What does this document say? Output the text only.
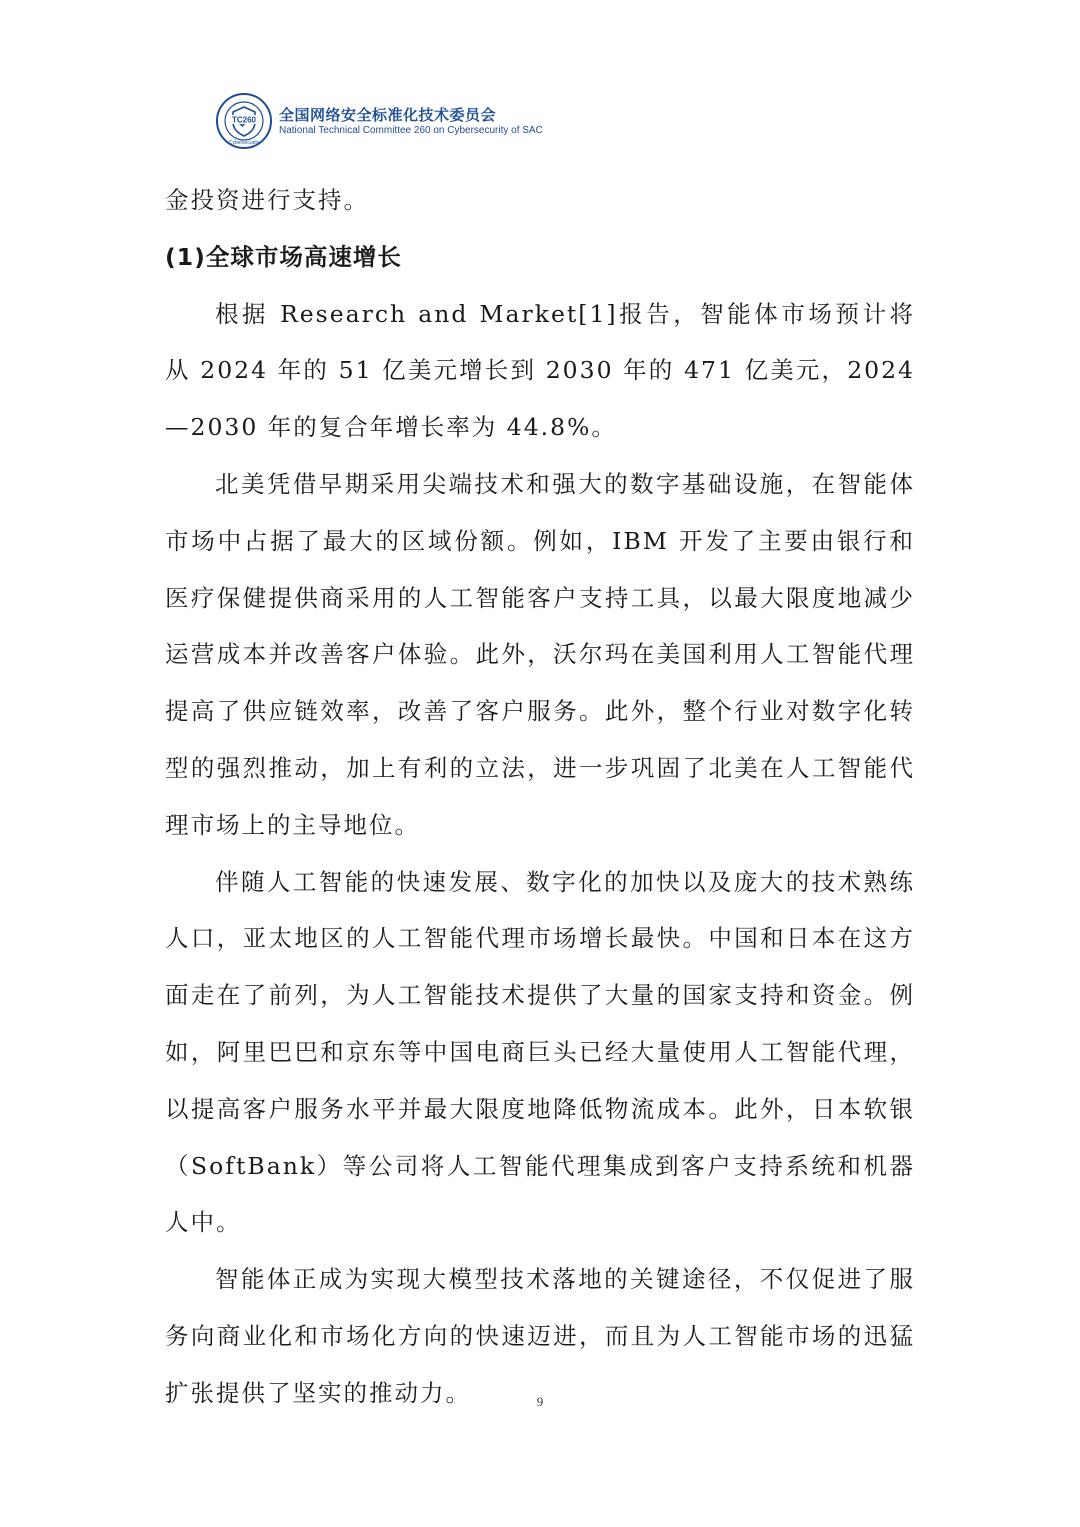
TC260
Cybersecurity
全国网络安全标准化技术委员会
National Technical Committee 260 on Cybersecurity of SAC

金投资进行支持。

(1)全球市场高速增长

根据 Research and Market[1]报告，智能体市场预计将从 2024 年的 51 亿美元增长到 2030 年的 471 亿美元，2024—2030 年的复合年增长率为 44.8%。

北美凭借早期采用尖端技术和强大的数字基础设施，在智能体市场中占据了最大的区域份额。例如，IBM 开发了主要由银行和医疗保健提供商采用的人工智能客户支持工具，以最大限度地减少运营成本并改善客户体验。此外，沃尔玛在美国利用人工智能代理提高了供应链效率，改善了客户服务。此外，整个行业对数字化转型的强烈推动，加上有利的立法，进一步巩固了北美在人工智能代理市场上的主导地位。

伴随人工智能的快速发展、数字化的加快以及庞大的技术熟练人口，亚太地区的人工智能代理市场增长最快。中国和日本在这方面走在了前列，为人工智能技术提供了大量的国家支持和资金。例如，阿里巴巴和京东等中国电商巨头已经大量使用人工智能代理，以提高客户服务水平并最大限度地降低物流成本。此外，日本软银（SoftBank）等公司将人工智能代理集成到客户支持系统和机器人中。

智能体正成为实现大模型技术落地的关键途径，不仅促进了服务向商业化和市场化方向的快速迈进，而且为人工智能市场的迅猛扩张提供了坚实的推动力。	9
